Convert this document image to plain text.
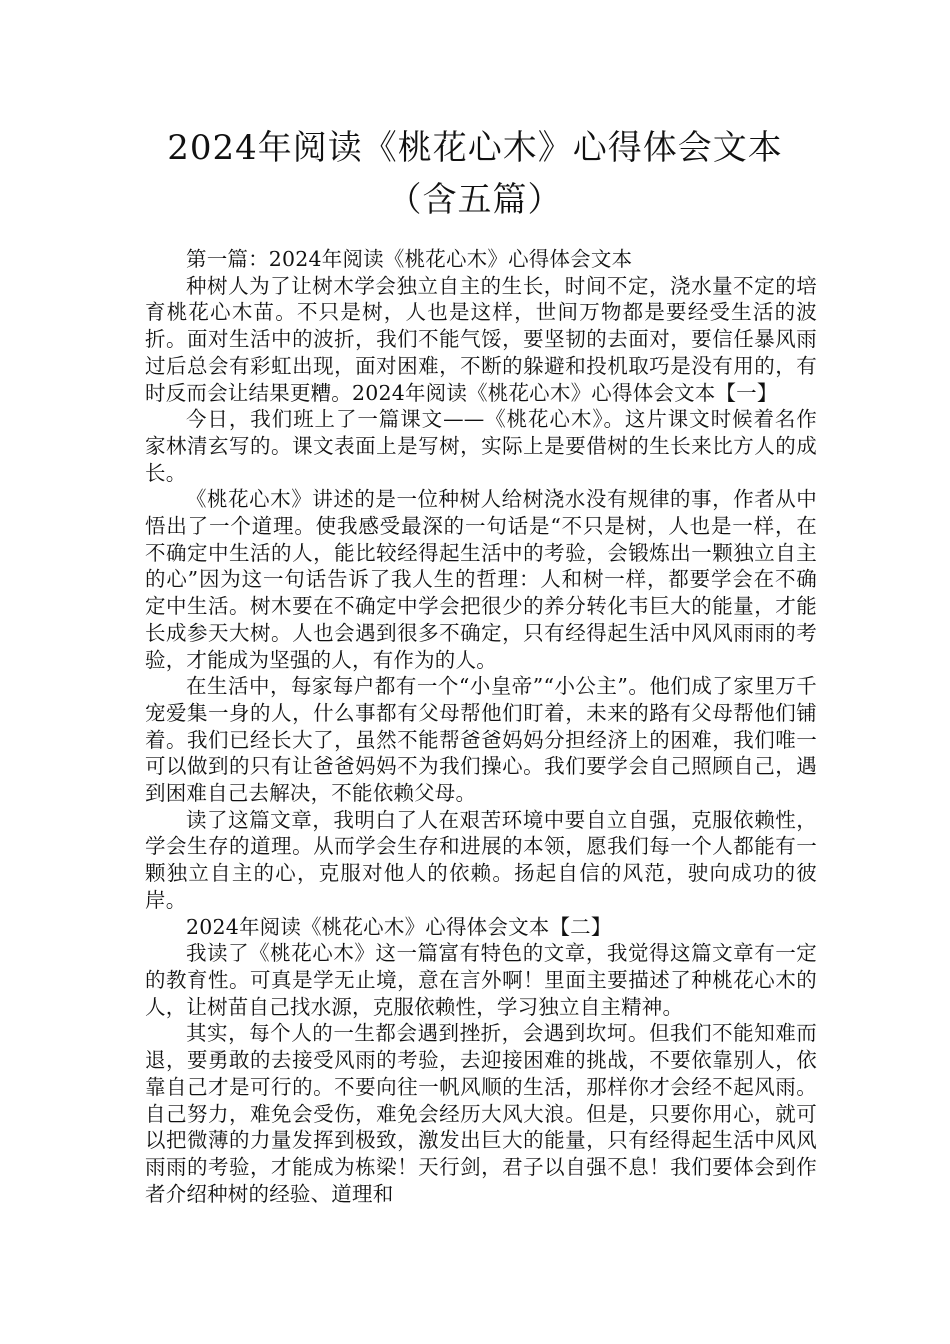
2024年阅读《桃花心木》心得体会文本
（含五篇）

第一篇：2024年阅读《桃花心木》心得体会文本

种树人为了让树木学会独立自主的生长，时间不定，浇水量不定的培育桃花心木苗。不只是树，人也是这样，世间万物都是要经受生活的波折。面对生活中的波折，我们不能气馁，要坚韧的去面对，要信任暴风雨过后总会有彩虹出现，面对困难，不断的躲避和投机取巧是没有用的，有时反而会让结果更糟。2024年阅读《桃花心木》心得体会文本【一】

今日，我们班上了一篇课文——《桃花心木》。这片课文时候着名作家林清玄写的。课文表面上是写树，实际上是要借树的生长来比方人的成长。

《桃花心木》讲述的是一位种树人给树浇水没有规律的事，作者从中悟出了一个道理。使我感受最深的一句话是“不只是树，人也是一样，在不确定中生活的人，能比较经得起生活中的考验，会锻炼出一颗独立自主的心”因为这一句话告诉了我人生的哲理：人和树一样，都要学会在不确定中生活。树木要在不确定中学会把很少的养分转化韦巨大的能量，才能长成参天大树。人也会遇到很多不确定，只有经得起生活中风风雨雨的考验，才能成为坚强的人，有作为的人。

在生活中，每家每户都有一个“小皇帝”“小公主”。他们成了家里万千宠爱集一身的人，什么事都有父母帮他们盯着，未来的路有父母帮他们铺着。我们已经长大了，虽然不能帮爸爸妈妈分担经济上的困难，我们唯一可以做到的只有让爸爸妈妈不为我们操心。我们要学会自己照顾自己，遇到困难自己去解决，不能依赖父母。

读了这篇文章，我明白了人在艰苦环境中要自立自强，克服依赖性，学会生存的道理。从而学会生存和进展的本领，愿我们每一个人都能有一颗独立自主的心，克服对他人的依赖。扬起自信的风范，驶向成功的彼岸。

2024年阅读《桃花心木》心得体会文本【二】

我读了《桃花心木》这一篇富有特色的文章，我觉得这篇文章有一定的教育性。可真是学无止境，意在言外啊！里面主要描述了种桃花心木的人，让树苗自己找水源，克服依赖性，学习独立自主精神。

其实，每个人的一生都会遇到挫折，会遇到坎坷。但我们不能知难而退，要勇敢的去接受风雨的考验，去迎接困难的挑战，不要依靠别人，依靠自己才是可行的。不要向往一帆风顺的生活，那样你才会经不起风雨。自己努力，难免会受伤，难免会经历大风大浪。但是，只要你用心，就可以把微薄的力量发挥到极致，激发出巨大的能量，只有经得起生活中风风雨雨的考验，才能成为栋梁！天行剑，君子以自强不息！我们要体会到作者介绍种树的经验、道理和
